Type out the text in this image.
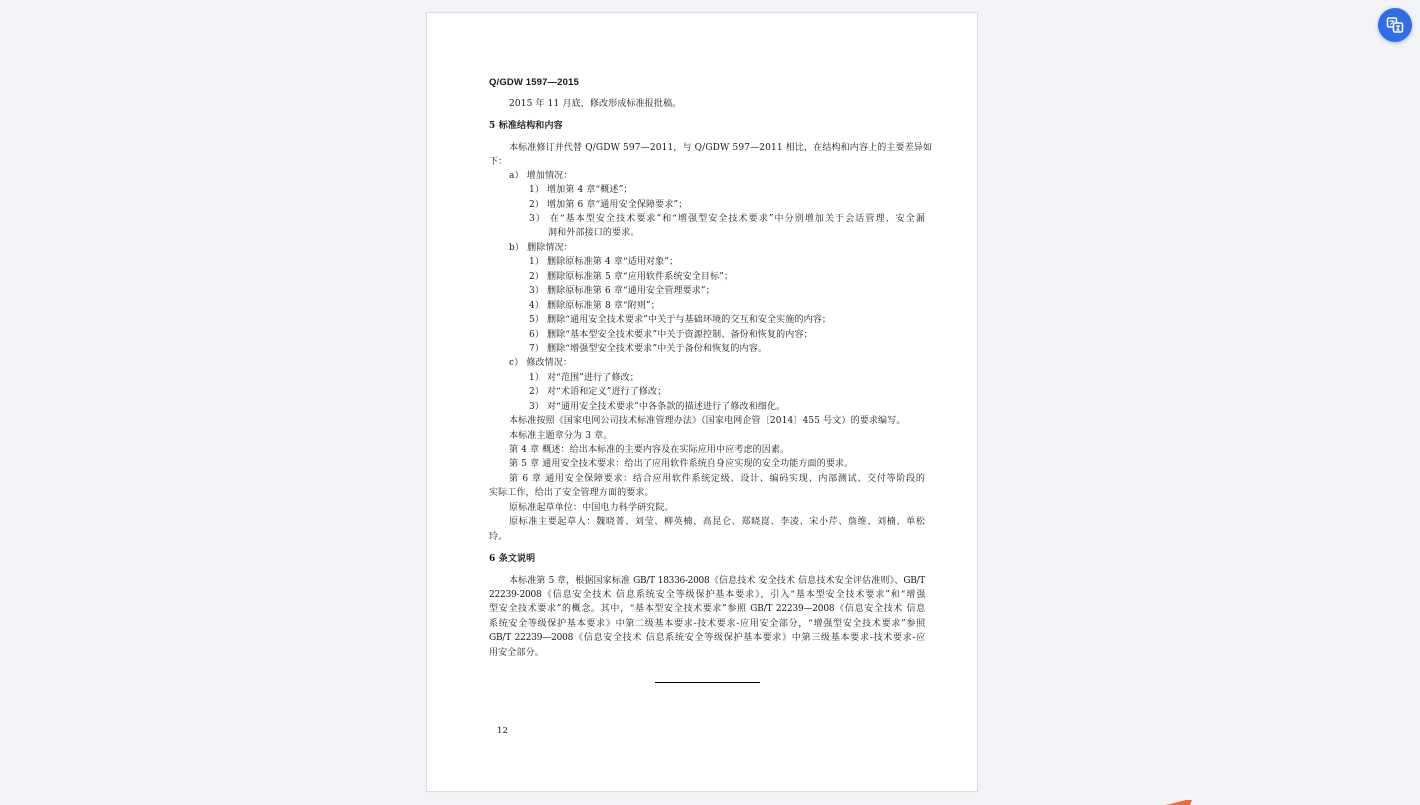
Q/GDW 1597—2015
2015 年 11 月底，修改形成标准报批稿。
5 标准结构和内容
本标准修订并代替 Q/GDW 597—2011，与 Q/GDW 597—2011 相比，在结构和内容上的主要差异如
下：
a） 增加情况：
1） 增加第 4 章“概述”；
2） 增加第 6 章“通用安全保障要求”；
3） 在“基本型安全技术要求”和“增强型安全技术要求”中分别增加关于会话管理、安全漏
洞和外部接口的要求。
b） 删除情况：
1） 删除原标准第 4 章“适用对象”；
2） 删除原标准第 5 章“应用软件系统安全目标”；
3） 删除原标准第 6 章“通用安全管理要求”；
4） 删除原标准第 8 章“附则”；
5） 删除“通用安全技术要求”中关于与基础环境的交互和安全实施的内容；
6） 删除“基本型安全技术要求”中关于资源控制、备份和恢复的内容；
7） 删除“增强型安全技术要求”中关于备份和恢复的内容。
c） 修改情况：
1） 对“范围”进行了修改；
2） 对“术语和定义”进行了修改；
3） 对“通用安全技术要求”中各条款的描述进行了修改和细化。
本标准按照《国家电网公司技术标准管理办法》（国家电网企管〔2014〕455 号文）的要求编写。
本标准主题章分为 3 章。
第 4 章 概述：给出本标准的主要内容及在实际应用中应考虑的因素。
第 5 章 通用安全技术要求：给出了应用软件系统自身应实现的安全功能方面的要求。
第 6 章 通用安全保障要求：结合应用软件系统定级、设计、编码实现、内部测试、交付等阶段的
实际工作，给出了安全管理方面的要求。
原标准起草单位：中国电力科学研究院。
原标准主要起草人：魏晓菁、刘莹、柳英楠、高昆仑、郑晓崑、李凌、宋小芹、詹维、刘楠、单松
玲。
6 条文说明
本标准第 5 章，根据国家标准 GB/T 18336-2008《信息技术 安全技术 信息技术安全评估准则》、GB/T
22239-2008《信息安全技术 信息系统安全等级保护基本要求》，引入“基本型安全技术要求”和“增强
型安全技术要求”的概念。其中，“基本型安全技术要求”参照 GB/T 22239—2008《信息安全技术 信息
系统安全等级保护基本要求》中第二级基本要求-技术要求-应用安全部分，“增强型安全技术要求”参照
GB/T 22239—2008《信息安全技术 信息系统安全等级保护基本要求》中第三级基本要求-技术要求-应
用安全部分。
12
